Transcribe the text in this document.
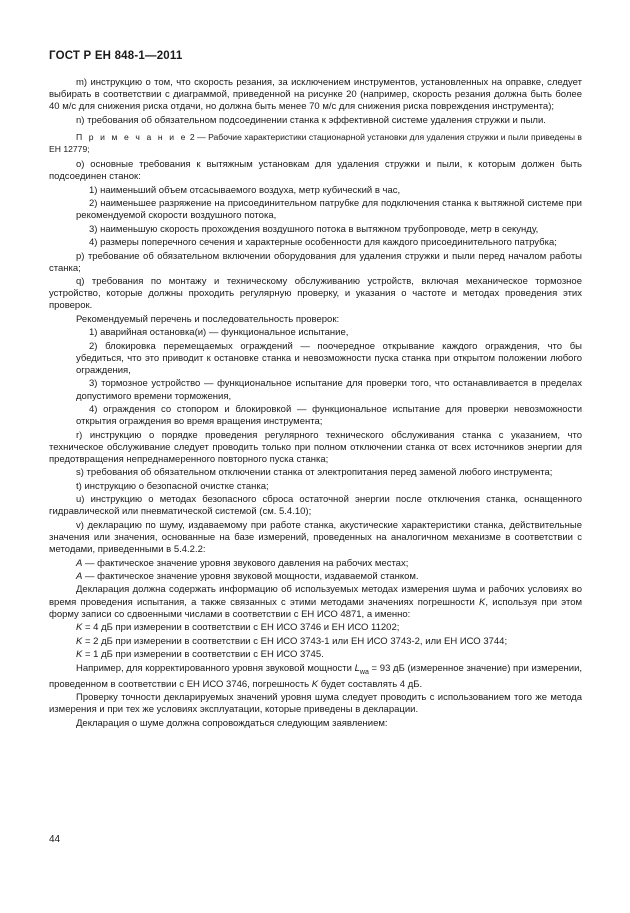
ГОСТ Р ЕН 848-1—2011

m) инструкцию о том, что скорость резания, за исключением инструментов, установленных на оправке, следует выбирать в соответствии с диаграммой, приведенной на рисунке 20 (например, скорость резания должна быть более 40 м/с для снижения риска отдачи, но должна быть менее 70 м/с для снижения риска повреждения инструмента);

n) требования об обязательном подсоединении станка к эффективной системе удаления стружки и пыли.

П р и м е ч а н и е 2 — Рабочие характеристики стационарной установки для удаления стружки и пыли приведены в ЕН 12779;

о) основные требования к вытяжным установкам для удаления стружки и пыли, к которым должен быть подсоединен станок:

1) наименьший объем отсасываемого воздуха, метр кубический в час,

2) наименьшее разряжение на присоединительном патрубке для подключения станка к вытяжной системе при рекомендуемой скорости воздушного потока,

3) наименьшую скорость прохождения воздушного потока в вытяжном трубопроводе, метр в секунду,

4) размеры поперечного сечения и характерные особенности для каждого присоединительного патрубка;

р) требование об обязательном включении оборудования для удаления стружки и пыли перед началом работы станка;

q) требования по монтажу и техническому обслуживанию устройств, включая механическое тормозное устройство, которые должны проходить регулярную проверку, и указания о частоте и методах проведения этих проверок.

Рекомендуемый перечень и последовательность проверок:

1) аварийная остановка(и) — функциональное испытание,

2) блокировка перемещаемых ограждений — поочередное открывание каждого ограждения, что бы убедиться, что это приводит к остановке станка и невозможности пуска станка при открытом положении любого ограждения,

3) тормозное устройство — функциональное испытание для проверки того, что останавливается в пределах допустимого времени торможения,

4) ограждения со стопором и блокировкой — функциональное испытание для проверки невозможности открытия ограждения во время вращения инструмента;

r) инструкцию о порядке проведения регулярного технического обслуживания станка с указанием, что техническое обслуживание следует проводить только при полном отключении станка от всех источников энергии для предотвращения непреднамеренного повторного пуска станка;

s) требования об обязательном отключении станка от электропитания перед заменой любого инструмента;

t) инструкцию о безопасной очистке станка;

u) инструкцию о методах безопасного сброса остаточной энергии после отключения станка, оснащенного гидравлической или пневматической системой (см. 5.4.10);

v) декларацию по шуму, издаваемому при работе станка, акустические характеристики станка, действительные значения или значения, основанные на базе измерений, проведенных на аналогичном механизме в соответствии с методами, приведенными в 5.4.2.2:

A — фактическое значение уровня звукового давления на рабочих местах;

A — фактическое значение уровня звуковой мощности, издаваемой станком.

Декларация должна содержать информацию об используемых методах измерения шума и рабочих условиях во время проведения испытания, а также связанных с этими методами значениях погрешности K, используя при этом форму записи со сдвоенными числами в соответствии с ЕН ИСО 4871, а именно:

K = 4 дБ при измерении в соответствии с ЕН ИСО 3746 и ЕН ИСО 11202;

K = 2 дБ при измерении в соответствии с ЕН ИСО 3743-1 или ЕН ИСО 3743-2, или ЕН ИСО 3744;

K = 1 дБ при измерении в соответствии с ЕН ИСО 3745.

Например, для корректированного уровня звуковой мощности $L_{wa} = 93$ дБ (измеренное значение) при измерении, проведенном в соответствии с ЕН ИСО 3746, погрешность K будет составлять 4 дБ.

Проверку точности декларируемых значений уровня шума следует проводить с использованием того же метода измерения и при тех же условиях эксплуатации, которые приведены в декларации.

Декларация о шуме должна сопровождаться следующим заявлением:

44
